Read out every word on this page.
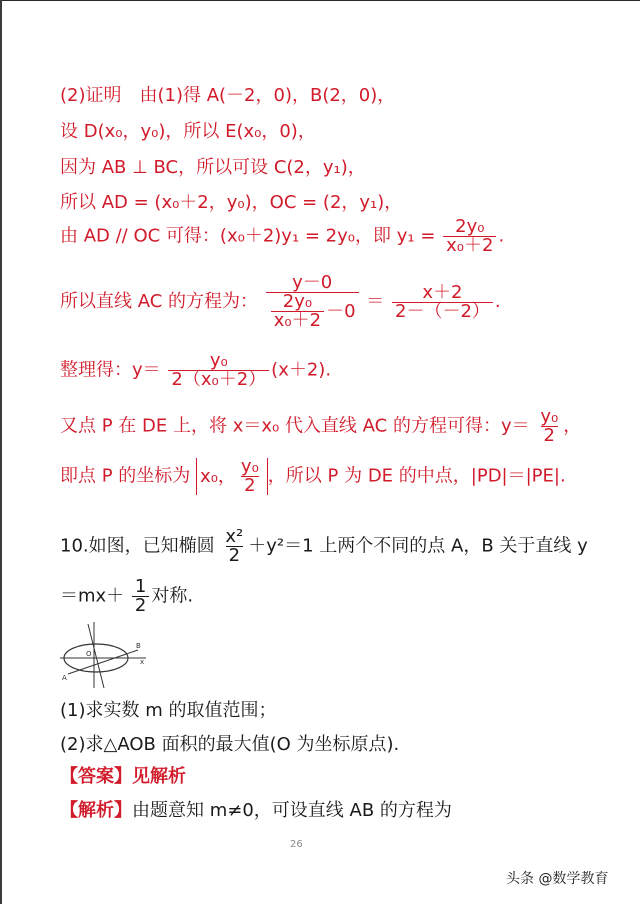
(2)证明　由(1)得 A(－2，0)，B(2，0)，
设 D(x₀，y₀)，所以 E(x₀，0)，
因为 AB ⊥ BC，所以可设 C(2，y₁)，
所以 AD = (x₀＋2，y₀)，OC = (2，y₁)，
由 AD // OC 可得：(x₀＋2)y₁ = 2y₀，即 $y_1 = \frac{\text{2y₀}}{\text{x₀＋2}}$ .
所以直线 AC 的方程为： $\frac{y-0}{\frac{\text{2y₀}}{\text{x₀＋2}} -0} = \frac{x+2}{2-(-2)}$ .
整理得：$y= \frac{\text{y₀}}{\text{2（x₀＋2）}} (x+2)$.
又点 P 在 DE 上，将 x＝x₀ 代入直线 AC 的方程可得：$y= \frac{\text{y₀}}{2}$ ，
即点 P 的坐标为 x₀， $\frac{\text{y₀}}{2}$ ，所以 P 为 DE 的中点，|PD|＝|PE|.
10.如图，已知椭圆 $\frac{\text{x²}}{2} +y^2=1$ 上两个不同的点 A，B 关于直线 y
$=mx+ \frac{1}{2}$ 对称.
x
O
A
B
(1)求实数 m 的取值范围；
(2)求△AOB 面积的最大值(O 为坐标原点).
【答案】见解析
【解析】由题意知 m≠0，可设直线 AB 的方程为
26
头条 @数学教育
